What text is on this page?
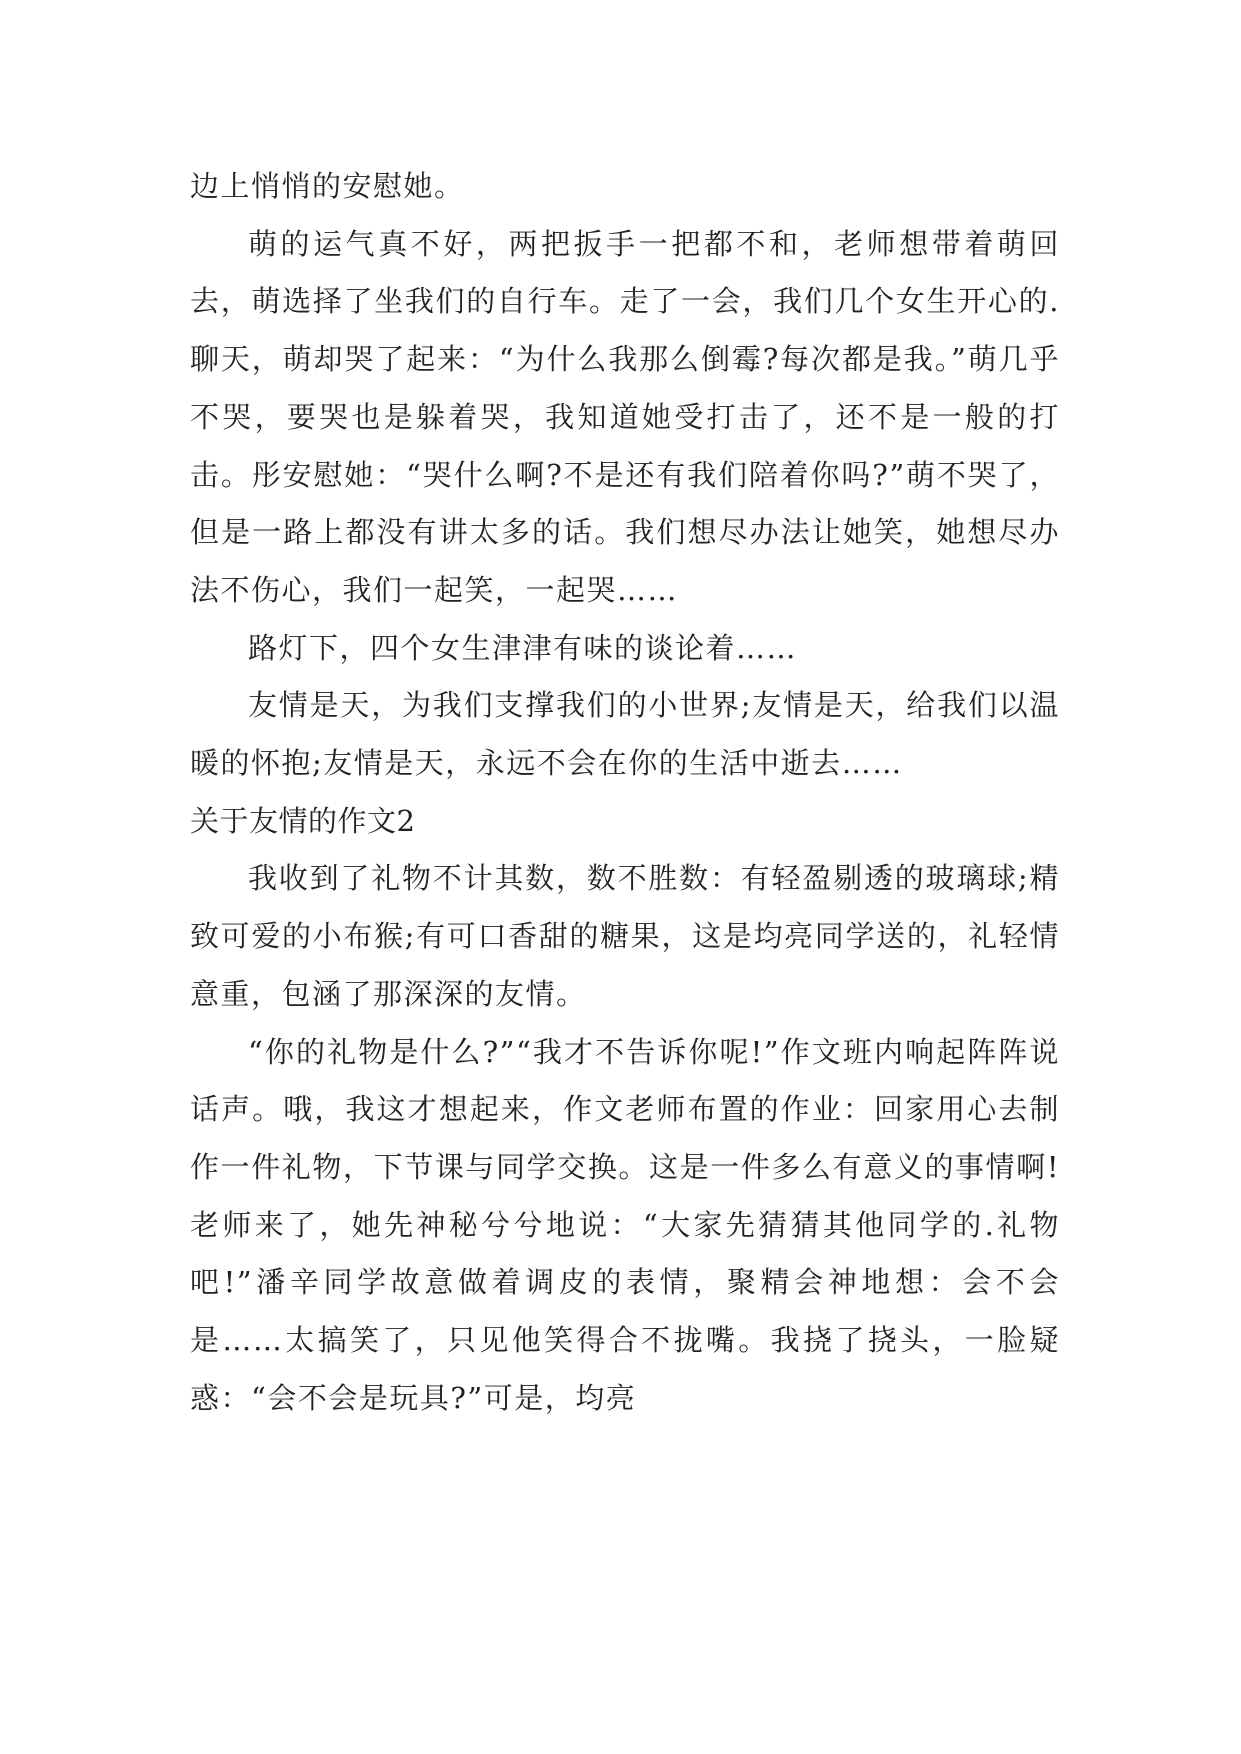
边上悄悄的安慰她。

萌的运气真不好，两把扳手一把都不和，老师想带着萌回去，萌选择了坐我们的自行车。走了一会，我们几个女生开心的.聊天，萌却哭了起来：“为什么我那么倒霉?每次都是我。”萌几乎不哭，要哭也是躲着哭，我知道她受打击了，还不是一般的打击。彤安慰她：“哭什么啊?不是还有我们陪着你吗?”萌不哭了，但是一路上都没有讲太多的话。我们想尽办法让她笑，她想尽办法不伤心，我们一起笑，一起哭……

路灯下，四个女生津津有味的谈论着……

友情是天，为我们支撑我们的小世界;友情是天，给我们以温暖的怀抱;友情是天，永远不会在你的生活中逝去……

关于友情的作文2

我收到了礼物不计其数，数不胜数：有轻盈剔透的玻璃球;精致可爱的小布猴;有可口香甜的糖果，这是均亮同学送的，礼轻情意重，包涵了那深深的友情。

“你的礼物是什么?”“我才不告诉你呢!”作文班内响起阵阵说话声。哦，我这才想起来，作文老师布置的作业：回家用心去制作一件礼物，下节课与同学交换。这是一件多么有意义的事情啊!老师来了，她先神秘兮兮地说：“大家先猜猜其他同学的.礼物吧!”潘辛同学故意做着调皮的表情，聚精会神地想：会不会是……太搞笑了，只见他笑得合不拢嘴。我挠了挠头，一脸疑惑：“会不会是玩具?”可是，均亮
